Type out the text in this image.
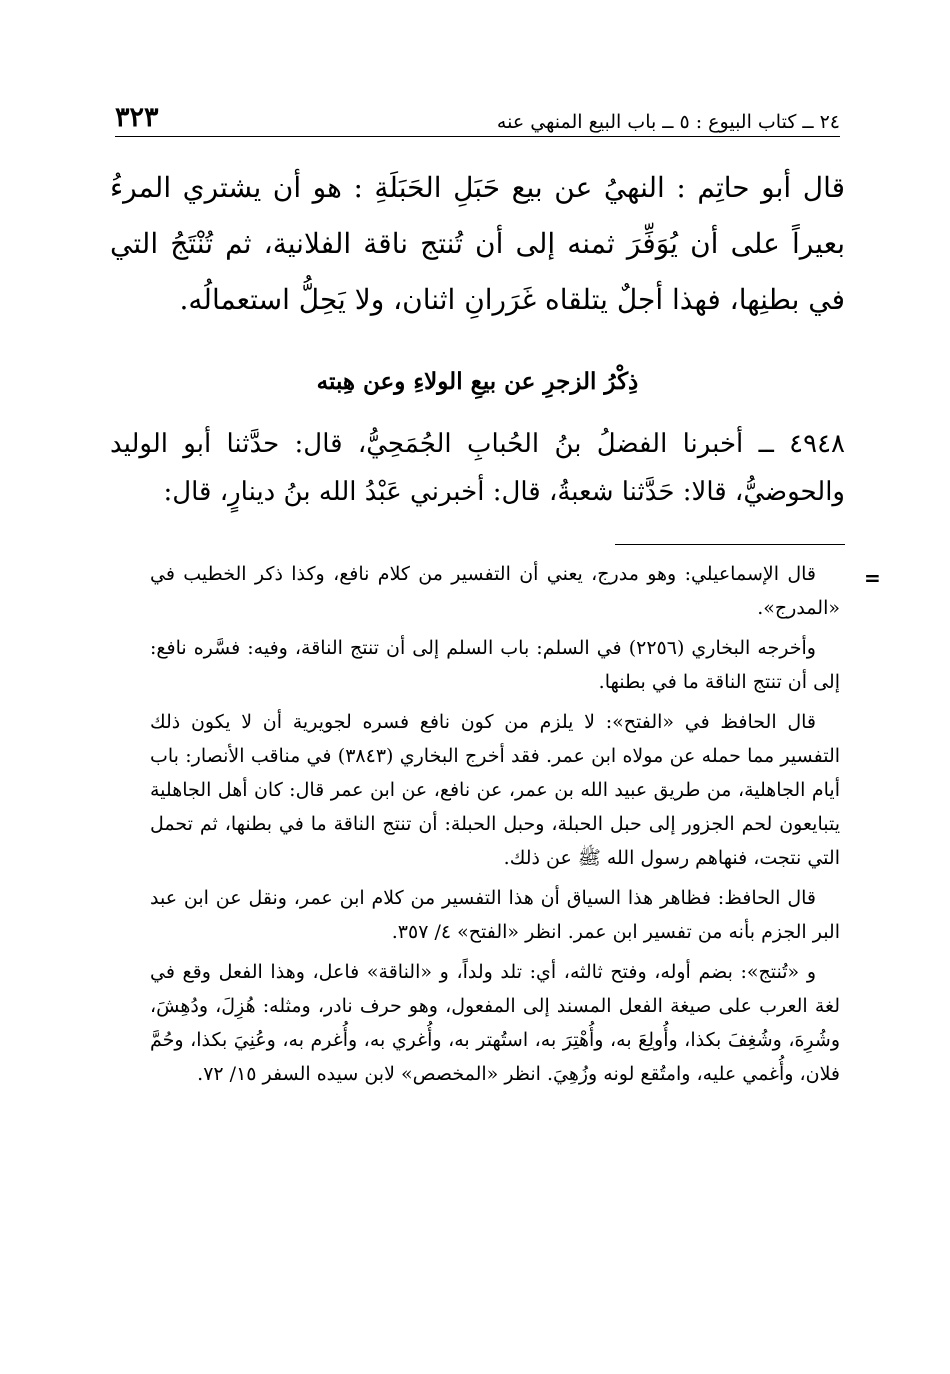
٢٤ ــ كتاب البيوع : ٥ ــ باب البيع المنهي عنه
٣٢٣

قال أبو حاتِم : النهيُ عن بيع حَبَلِ الحَبَلَةِ : هو أن يشتري المرءُ بعيراً على أن يُوَفِّرَ ثمنه إلى أن تُنتج ناقة الفلانية، ثم تُنْتَجُ التي في بطنِها، فهذا أجلٌ يتلقاه غَرَرانِ اثنان، ولا يَحِلُّ استعمالُه.

ذِكْرُ الزجرِ عن بيعِ الولاءِ وعن هِبته

٤٩٤٨ ــ أخبرنا الفضلُ بنُ الحُبابِ الجُمَحِيُّ، قال: حدَّثنا أبو الوليد والحوضيُّ، قالا: حَدَّثنا شعبةُ، قال: أخبرني عَبْدُ الله بنُ دينارٍ، قال:

=

قال الإسماعيلي: وهو مدرج، يعني أن التفسير من كلام نافع، وكذا ذكر الخطيب في «المدرج».

وأخرجه البخاري (٢٢٥٦) في السلم: باب السلم إلى أن تنتج الناقة، وفيه: فسَّره نافع: إلى أن تنتج الناقة ما في بطنها.

قال الحافظ في «الفتح»: لا يلزم من كون نافع فسره لجويرية أن لا يكون ذلك التفسير مما حمله عن مولاه ابن عمر. فقد أخرج البخاري (٣٨٤٣) في مناقب الأنصار: باب أيام الجاهلية، من طريق عبيد الله بن عمر، عن نافع، عن ابن عمر قال: كان أهل الجاهلية يتبايعون لحم الجزور إلى حبل الحبلة، وحبل الحبلة: أن تنتج الناقة ما في بطنها، ثم تحمل التي نتجت، فنهاهم رسول الله ﷺ عن ذلك.

قال الحافظ: فظاهر هذا السياق أن هذا التفسير من كلام ابن عمر، ونقل عن ابن عبد البر الجزم بأنه من تفسير ابن عمر. انظر «الفتح» ٤/ ٣٥٧.

و «تُنتج»: بضم أوله، وفتح ثالثه، أي: تلد ولداً، و «الناقة» فاعل، وهذا الفعل وقع في لغة العرب على صيغة الفعل المسند إلى المفعول، وهو حرف نادر، ومثله: هُزِلَ، ودُهِشَ، وشُرِهَ، وشُغِفَ بكذا، وأُولِعَ به، وأُهْتِرَ به، استُهتر به، وأُغري به، وأُغرم به، وعُنِيَ بكذا، وحُمَّ فلان، وأُغمي عليه، وامتُقع لونه وزُهِيَ. انظر «المخصص» لابن سيده السفر ١٥/ ٧٢.
